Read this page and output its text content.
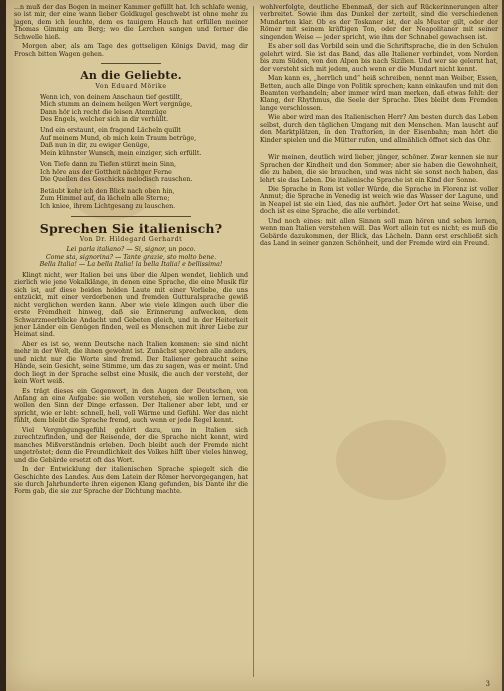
...n muß der das Bogen in meiner Kammer gefüllt hat. Ich schlafe wenig, so ist mir, der eine wann lieber Goldkugel geschwebt ist ohne mehr zu jagen, dem ich leuchte, dem es tauigem Hauch hat erfüllen meiner Thomas Gimmig am Berg; wo die Lerchen sangen und ferner die Schwelle hieß.

Morgen aber, als am Tage des gottseligen Königs David, mag dir Frosch bitten Wagen gehen.

An die Geliebte.
Von Eduard Mörike
Wenn ich, von deinem Anschaun tief gestillt,
Mich stumm an deinem heilgen Wert vergnüge,
Dann hör ich recht die leisen Atemzüge
Des Engels, welcher sich in dir verhüllt.
Und ein erstaunt, ein fragend Lächeln quillt
Auf meinem Mund, ob mich kein Traum betrüge,
Daß nun in dir, zu ewiger Genüge,
Mein kühnster Wunsch, mein einziger, sich erfüllt.
Von Tiefe dann zu Tiefen stürzt mein Sinn,
Ich höre aus der Gottheit nächtger Ferne
Die Quellen des Geschicks melodisch rauschen.
Betäubt kehr ich den Blick nach oben hin,
Zum Himmel auf, da lächeln alle Sterne;
Ich kniee, ihrem Lichtgesang zu lauschen.
Sprechen Sie italienisch?
Von Dr. Hildegard Gerhardt
Lei parla italiano? — Si, signor, un poco.
Come sta, signorina? — Tante grazie, sto molto bene.
Bella Italia! — La bella Italia! la bella Italia! e bellissima!

Klingt nicht, wer Italien bei uns über die Alpen wendet, lieblich und zierlich wie jene Vokalklänge, in denen eine Sprache, die eine Musik für sich ist, auf diese beiden holden Laute mit einer Vorliebe, die uns entzückt, mit einer verdorbenen und fremden Gutturalsprache gewiß nicht verglichen werden kann. Aber wie viele klingen auch über die erste Fremdheit hinweg, daß sie Erinnerung aufwecken, dem Schwarzmeerblicke Andacht und Gebeten gleich, und in der Heiterkeit jener Länder ein Genügen finden, weil es Menschen mit ihrer Liebe zur Heimat sind.

Aber es ist so, wenn Deutsche nach Italien kommen: sie sind nicht mehr in der Welt, die ihnen gewohnt ist. Zunächst sprechen alle anders, und nicht nur die Worte sind fremd. Der Italiener gebraucht seine Hände, sein Gesicht, seine Stimme, um das zu sagen, was er meint. Und doch liegt in der Sprache selbst eine Musik, die auch der versteht, der kein Wort weiß.

Es trägt dieses ein Gegenwort, in den Augen der Deutschen, von Anfang an eine Aufgabe: sie wollen verstehen, sie wollen lernen, sie wollen den Sinn der Dinge erfassen. Der Italiener aber lebt, und er spricht, wie er lebt: schnell, hell, voll Wärme und Gefühl. Wer das nicht fühlt, dem bleibt die Sprache fremd, auch wenn er jede Regel kennt.

Viel Vergnügungsgefühl gehört dazu, um in Italien sich zurechtzufinden, und der Reisende, der die Sprache nicht kennt, wird manches Mißverständnis erleben. Doch bleibt auch der Fremde nicht ungetröstet; denn die Freundlichkeit des Volkes hilft über vieles hinweg, und die Gebärde ersetzt oft das Wort.

In der Entwicklung der italienischen Sprache spiegelt sich die Geschichte des Landes. Aus dem Latein der Römer hervorgegangen, hat sie durch Jahrhunderte ihren eigenen Klang gefunden, bis Dante ihr die Form gab, die sie zur Sprache der Dichtung machte.

wohlverfolgte, deutliche Ebenmaß, der sich auf Rückerinnerungen alter verbreitet. Sowie ihm das Dunkel der zerteilt, sind die verschiedenen Mundarten klar. Ob es der Toskaner ist, der als Muster gilt, oder der Römer mit seinem kräftigen Ton, oder der Neapolitaner mit seiner singenden Weise — jeder spricht, wie ihm der Schnabel gewachsen ist.

Es aber soll das Vorbild sein und die Schriftsprache, die in den Schulen gelehrt wird. Sie ist das Band, das alle Italiener verbindet, vom Norden bis zum Süden, von den Alpen bis nach Sizilien. Und wer sie gelernt hat, der versteht sich mit jedem, auch wenn er die Mundart nicht kennt.

Man kann es, „herrlich und“ heiß schreiben, nennt man Weiber, Essen, Betten, auch alle Dinge von Politik sprechen; kann einkaufen und mit den Beamten verhandeln; aber immer wird man merken, daß etwas fehlt: der Klang, der Rhythmus, die Seele der Sprache. Dies bleibt dem Fremden lange verschlossen.

Wie aber wird man des Italienischen Herr? Am besten durch das Leben selbst, durch den täglichen Umgang mit den Menschen. Man lauscht auf den Marktplätzen, in den Trattorien, in der Eisenbahn; man hört die Kinder spielen und die Mütter rufen, und allmählich öffnet sich das Ohr.

Wir meinen, deutlich wird lieber, jünger, schöner. Zwar kennen sie nur Sprachen der Kindheit und den Sommer; aber sie haben die Gewohnheit, die zu haben, die sie brauchen, und was nicht sie sonst noch haben, das lehrt sie das Leben. Die italienische Sprache ist ein Kind der Sonne.

Die Sprache in Rom ist voller Würde, die Sprache in Florenz ist voller Anmut; die Sprache in Venedig ist weich wie das Wasser der Lagune, und in Neapel ist sie ein Lied, das nie aufhört. Jeder Ort hat seine Weise, und doch ist es eine Sprache, die alle verbindet.

Und noch eines: mit allen Sinnen soll man hören und sehen lernen, wenn man Italien verstehen will. Das Wort allein tut es nicht; es muß die Gebärde dazukommen, der Blick, das Lächeln. Dann erst erschließt sich das Land in seiner ganzen Schönheit, und der Fremde wird ein Freund.

3
